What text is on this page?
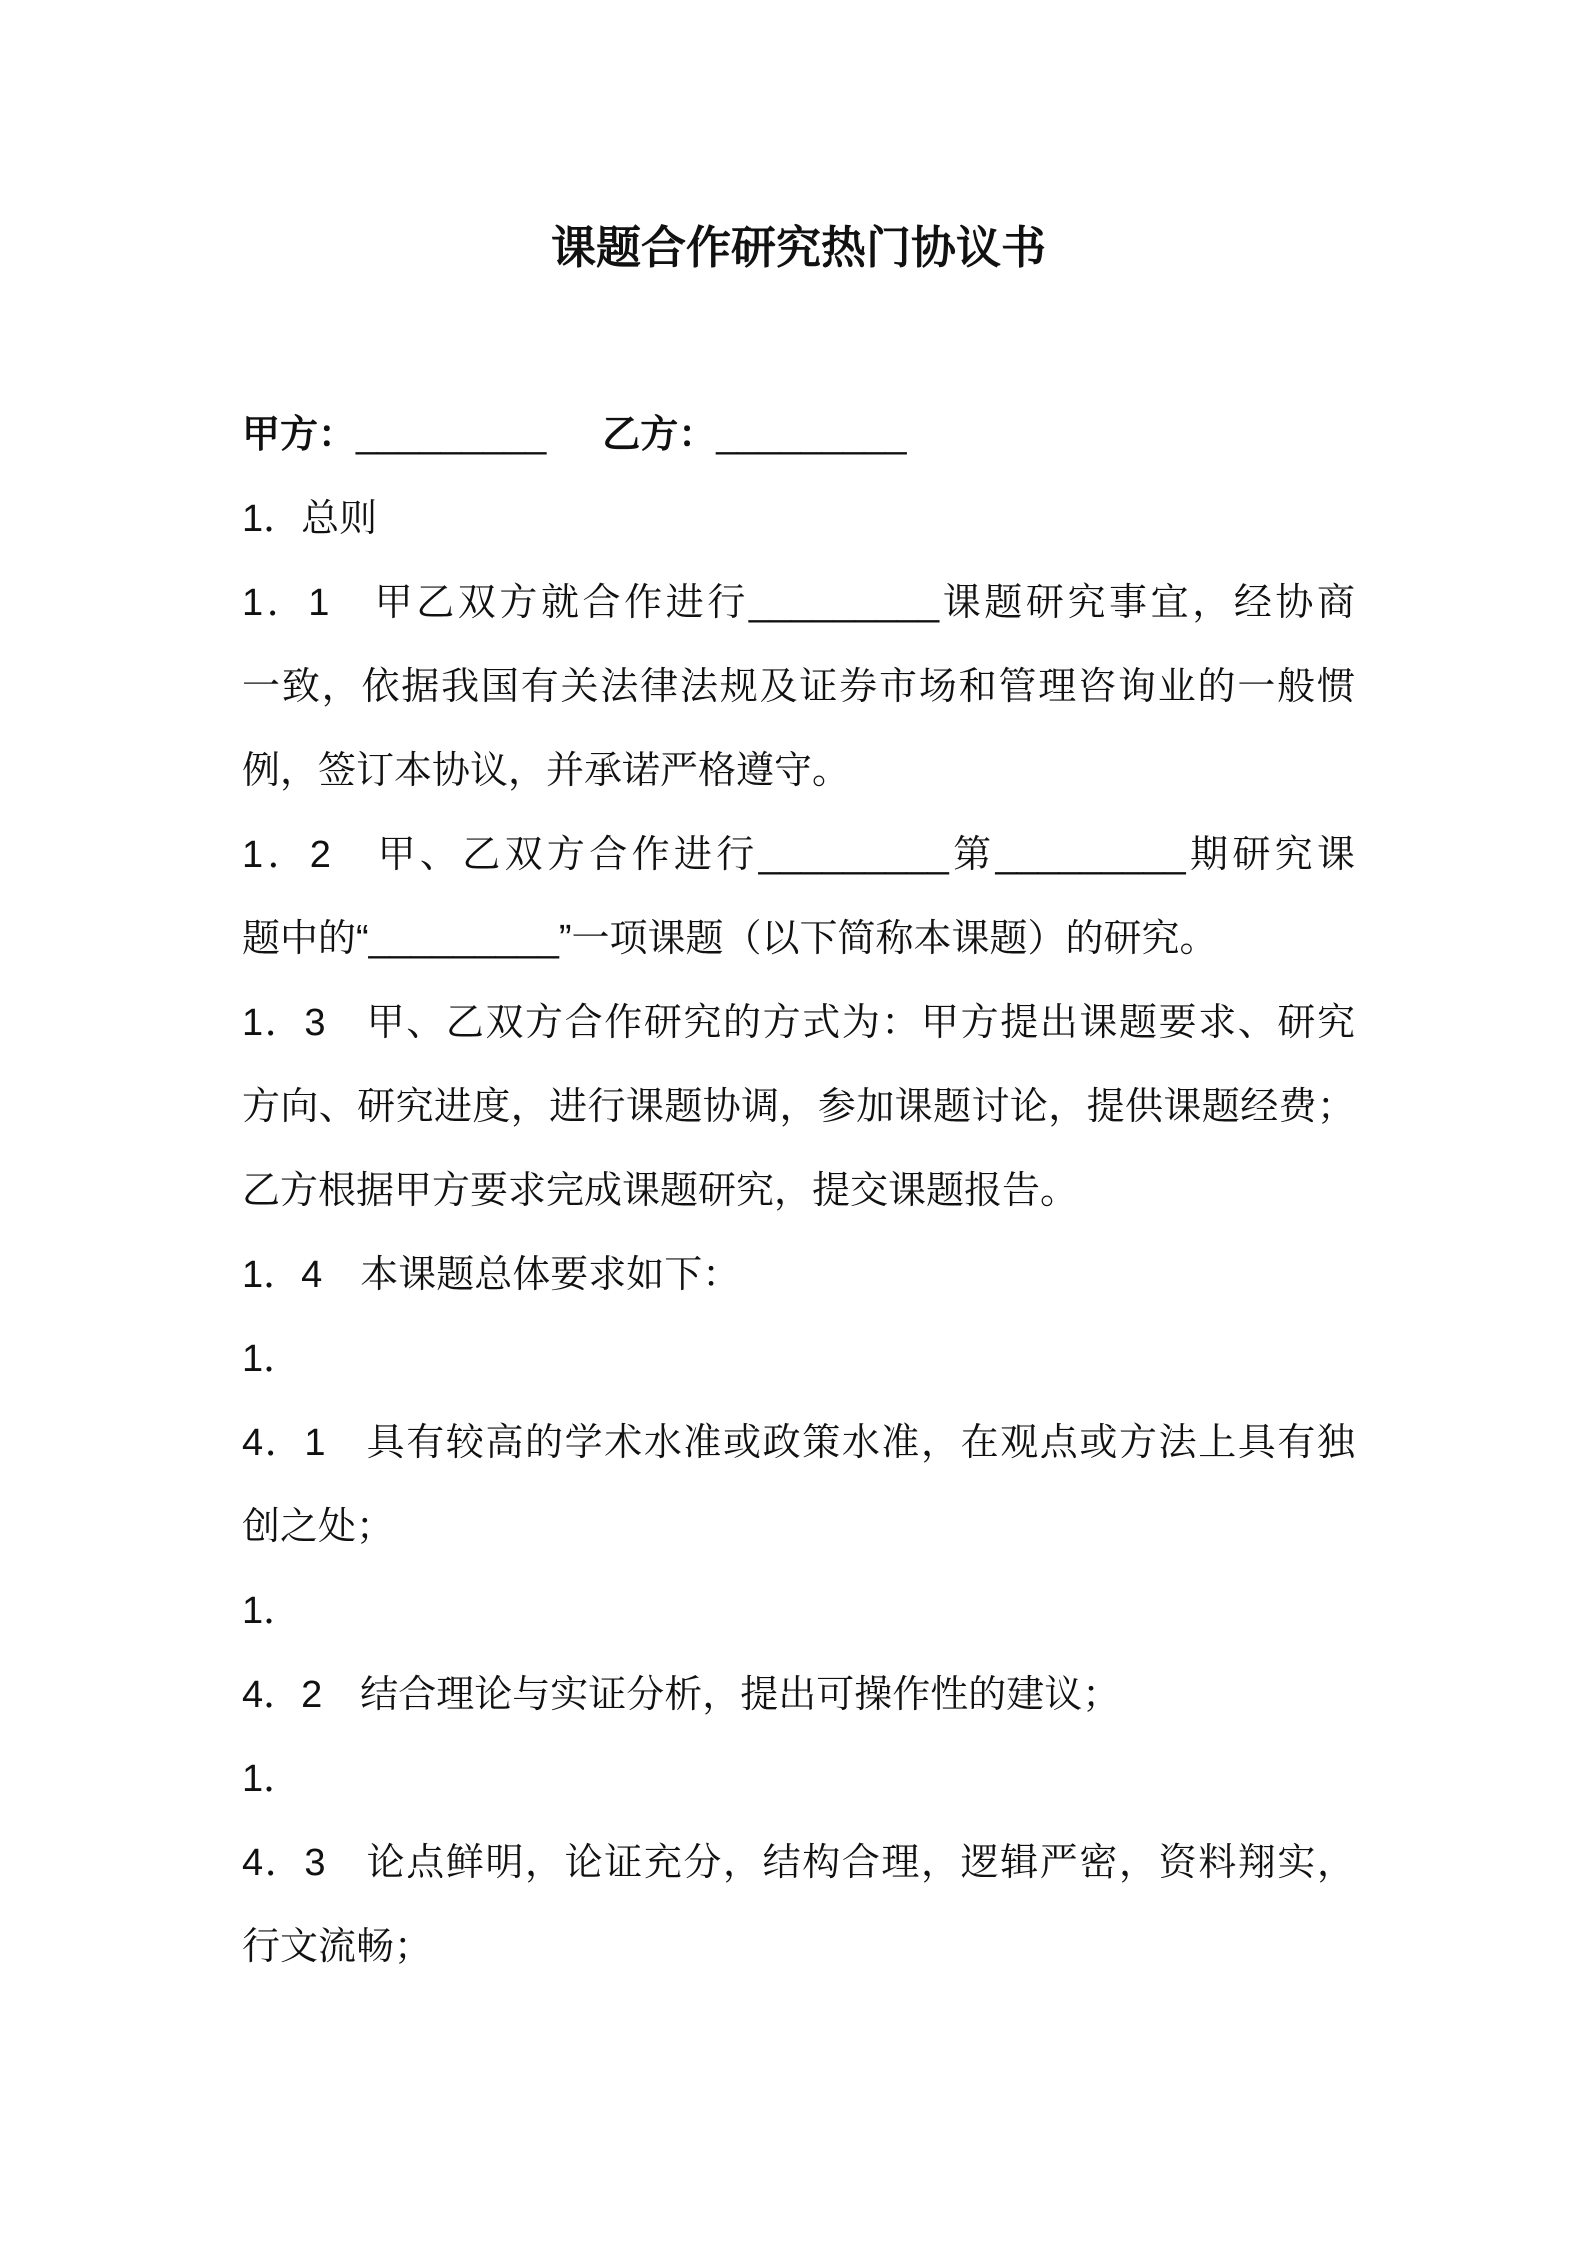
课题合作研究热门协议书
甲方：_________ 乙方：_________
1．总则
1．1　甲乙双方就合作进行_________课题研究事宜，经协商
一致，依据我国有关法律法规及证券市场和管理咨询业的一般惯
例，签订本协议，并承诺严格遵守。
1．2　甲、乙双方合作进行_________第_________期研究课
题中的“_________”一项课题（以下简称本课题）的研究。
1．3　甲、乙双方合作研究的方式为：甲方提出课题要求、研究
方向、研究进度，进行课题协调，参加课题讨论，提供课题经费；
乙方根据甲方要求完成课题研究，提交课题报告。
1．4　本课题总体要求如下：
1．
4．1　具有较高的学术水准或政策水准，在观点或方法上具有独
创之处；
1．
4．2　结合理论与实证分析，提出可操作性的建议；
1．
4．3　论点鲜明，论证充分，结构合理，逻辑严密，资料翔实，
行文流畅；
